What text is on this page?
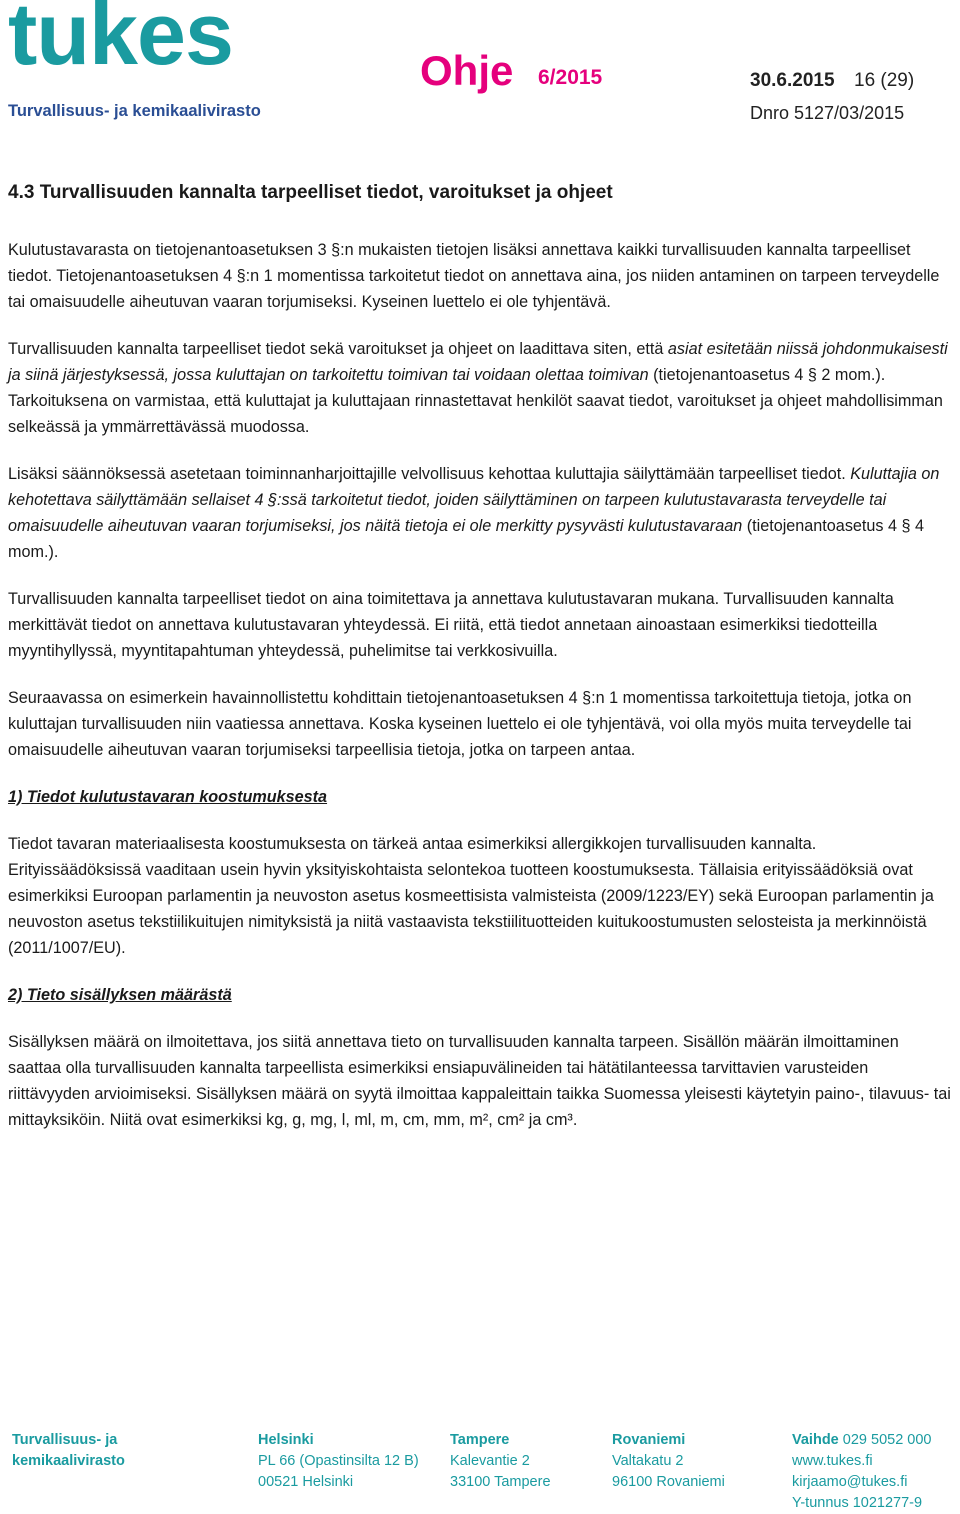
tukes
Turvallisuus- ja kemikaalivirasto
Ohje 6/2015	30.6.2015 16 (29)
Dnro 5127/03/2015
4.3 Turvallisuuden kannalta tarpeelliset tiedot, varoitukset ja ohjeet

Kulutustavarasta on tietojenantoasetuksen 3 §:n mukaisten tietojen lisäksi annettava kaikki turvallisuuden kannalta tarpeelliset tiedot. Tietojenantoasetuksen 4 §:n 1 momentissa tarkoitetut tiedot on annettava aina, jos niiden antaminen on tarpeen terveydelle tai omaisuudelle aiheutuvan vaaran torjumiseksi. Kyseinen luettelo ei ole tyhjentävä.

Turvallisuuden kannalta tarpeelliset tiedot sekä varoitukset ja ohjeet on laadittava siten, että asiat esitetään niissä johdonmukaisesti ja siinä järjestyksessä, jossa kuluttajan on tarkoitettu toimivan tai voidaan olettaa toimivan (tietojenantoasetus 4 § 2 mom.). Tarkoituksena on varmistaa, että kuluttajat ja kuluttajaan rinnastettavat henkilöt saavat tiedot, varoitukset ja ohjeet mahdollisimman selkeässä ja ymmärrettävässä muodossa.

Lisäksi säännöksessä asetetaan toiminnanharjoittajille velvollisuus kehottaa kuluttajia säilyttämään tarpeelliset tiedot. Kuluttajia on kehotettava säilyttämään sellaiset 4 §:ssä tarkoitetut tiedot, joiden säilyttäminen on tarpeen kulutustavarasta terveydelle tai omaisuudelle aiheutuvan vaaran torjumiseksi, jos näitä tietoja ei ole merkitty pysyvästi kulutustavaraan (tietojenantoasetus 4 § 4 mom.).

Turvallisuuden kannalta tarpeelliset tiedot on aina toimitettava ja annettava kulutustavaran mukana. Turvallisuuden kannalta merkittävät tiedot on annettava kulutustavaran yhteydessä. Ei riitä, että tiedot annetaan ainoastaan esimerkiksi tiedotteilla myyntihyllyssä, myyntitapahtuman yhteydessä, puhelimitse tai verkkosivuilla.

Seuraavassa on esimerkein havainnollistettu kohdittain tietojenantoasetuksen 4 §:n 1 momentissa tarkoitettuja tietoja, jotka on kuluttajan turvallisuuden niin vaatiessa annettava. Koska kyseinen luettelo ei ole tyhjentävä, voi olla myös muita terveydelle tai omaisuudelle aiheutuvan vaaran torjumiseksi tarpeellisia tietoja, jotka on tarpeen antaa.

1) Tiedot kulutustavaran koostumuksesta

Tiedot tavaran materiaalisesta koostumuksesta on tärkeä antaa esimerkiksi allergikkojen turvallisuuden kannalta. Erityissäädöksissä vaaditaan usein hyvin yksityiskohtaista selontekoa tuotteen koostumuksesta. Tällaisia erityissäädöksiä ovat esimerkiksi Euroopan parlamentin ja neuvoston asetus kosmeettisista valmisteista (2009/1223/EY) sekä Euroopan parlamentin ja neuvoston asetus tekstiilikuitujen nimityksistä ja niitä vastaavista tekstiilituotteiden kuitukoostumusten selosteista ja merkinnöistä (2011/1007/EU).

2) Tieto sisällyksen määrästä

Sisällyksen määrä on ilmoitettava, jos siitä annettava tieto on turvallisuuden kannalta tarpeen. Sisällön määrän ilmoittaminen saattaa olla turvallisuuden kannalta tarpeellista esimerkiksi ensiapuvälineiden tai hätätilanteessa tarvittavien varusteiden riittävyyden arvioimiseksi. Sisällyksen määrä on syytä ilmoittaa kappaleittain taikka Suomessa yleisesti käytetyin paino-, tilavuus- tai mittayksiköin. Niitä ovat esimerkiksi kg, g, mg, l, ml, m, cm, mm, m², cm² ja cm³.

Turvallisuus- ja
kemikaalivirasto
Helsinki
PL 66 (Opastinsilta 12 B)
00521 Helsinki
Tampere
Kalevantie 2
33100 Tampere
Rovaniemi
Valtakatu 2
96100 Rovaniemi
Vaihde 029 5052 000
www.tukes.fi
kirjaamo@tukes.fi
Y-tunnus 1021277-9
